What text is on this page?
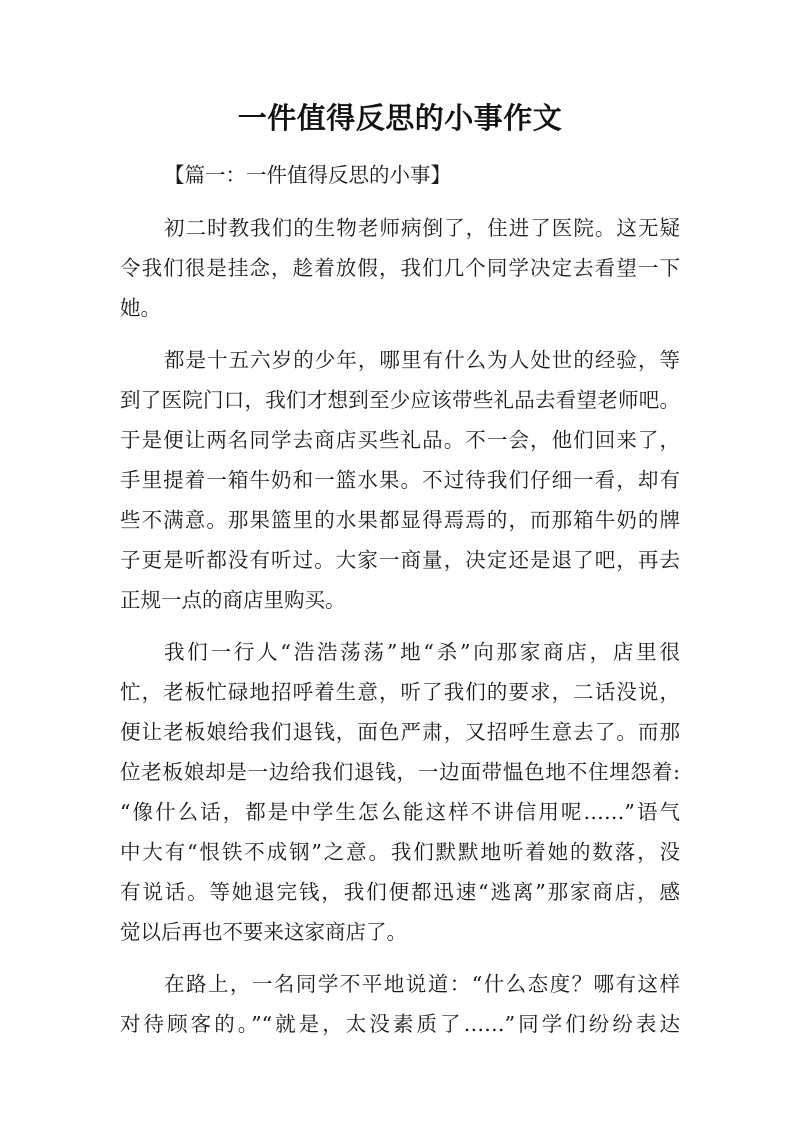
一件值得反思的小事作文

【篇一：一件值得反思的小事】

初二时教我们的生物老师病倒了，住进了医院。这无疑
令我们很是挂念，趁着放假，我们几个同学决定去看望一下
她。

都是十五六岁的少年，哪里有什么为人处世的经验，等
到了医院门口，我们才想到至少应该带些礼品去看望老师吧。
于是便让两名同学去商店买些礼品。不一会，他们回来了，
手里提着一箱牛奶和一篮水果。不过待我们仔细一看，却有
些不满意。那果篮里的水果都显得焉焉的，而那箱牛奶的牌
子更是听都没有听过。大家一商量，决定还是退了吧，再去
正规一点的商店里购买。

我们一行人“浩浩荡荡”地“杀”向那家商店，店里很
忙，老板忙碌地招呼着生意，听了我们的要求，二话没说，
便让老板娘给我们退钱，面色严肃，又招呼生意去了。而那
位老板娘却是一边给我们退钱，一边面带愠色地不住埋怨着:
“像什么话，都是中学生怎么能这样不讲信用呢……”语气
中大有“恨铁不成钢”之意。我们默默地听着她的数落，没
有说话。等她退完钱，我们便都迅速“逃离”那家商店，感
觉以后再也不要来这家商店了。

在路上，一名同学不平地说道：“什么态度？哪有这样
对待顾客的。”“就是，太没素质了……”同学们纷纷表达
